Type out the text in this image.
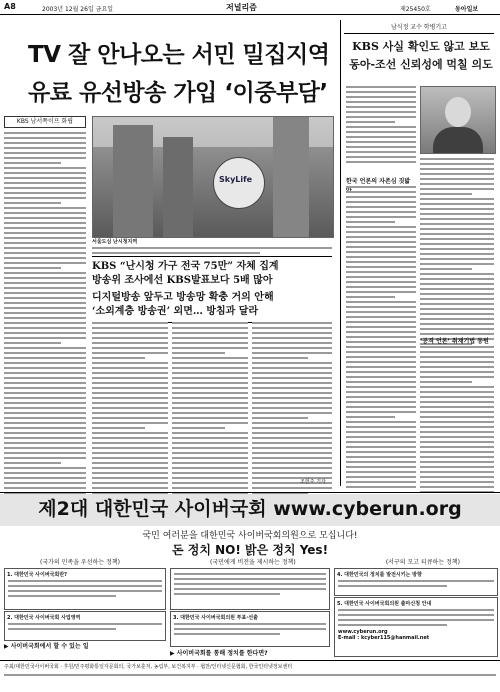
A8	2003년 12월 26일 금요일	저널리즘	제25450호	동아일보
TV 잘 안나오는 서민 밀집지역
유료 유선방송 가입 ‘이중부담’
KBS 남서쪽이프 화립
SkyLife
서울도심 난시청지역
KBS “난시청 가구 전국 75만” 자체 집계
방송위 조사에선 KBS발표보다 5배 많아
디지털방송 앞두고 방송망 확충 거의 안해
‘소외계층 방송권’ 외면… 방침과 달라
조헌주 기자
남식정 교수 학병기고
KBS 사실 확인도 않고 보도
동아-조선 신뢰성에 먹칠 의도
한국 언론의 자존심 짓밟
‘공격 언론’ 취재기법 동원
제2대 대한민국 사이버국회 www.cyberun.org
국민 여러분을 대한민국 사이버국회의원으로 모십니다!
돈 정치 NO! 밝은 정치 Yes!
(국가의 민족을 우선하는 정책)	(국민에게 비전을 제시하는 정책)	(서구의 모고 티큐하는 정책)
1. 대한민국 사이버국회란?
2. 대한민국 사이버국회 사업영역
▶ 사이버국회에서 할 수 있는 일
3. 대한민국 사이버국회의원 투표·선출
4. 대한민국의 정치를 발전시키는 방향
5. 대한민국 사이버국회의원 출마신청 안내
www.cyberun.org
E-mail : kcyber115@hanmail.net
▶ 사이버국회를 통해 정치를 한다면?
주최/대한민국사이버국회 · 후원/민주평화통일자문회의, 국가보훈처, 농림부, 보건복지부 · 협찬/인터넷신문협회, 한국인터넷정보센터
